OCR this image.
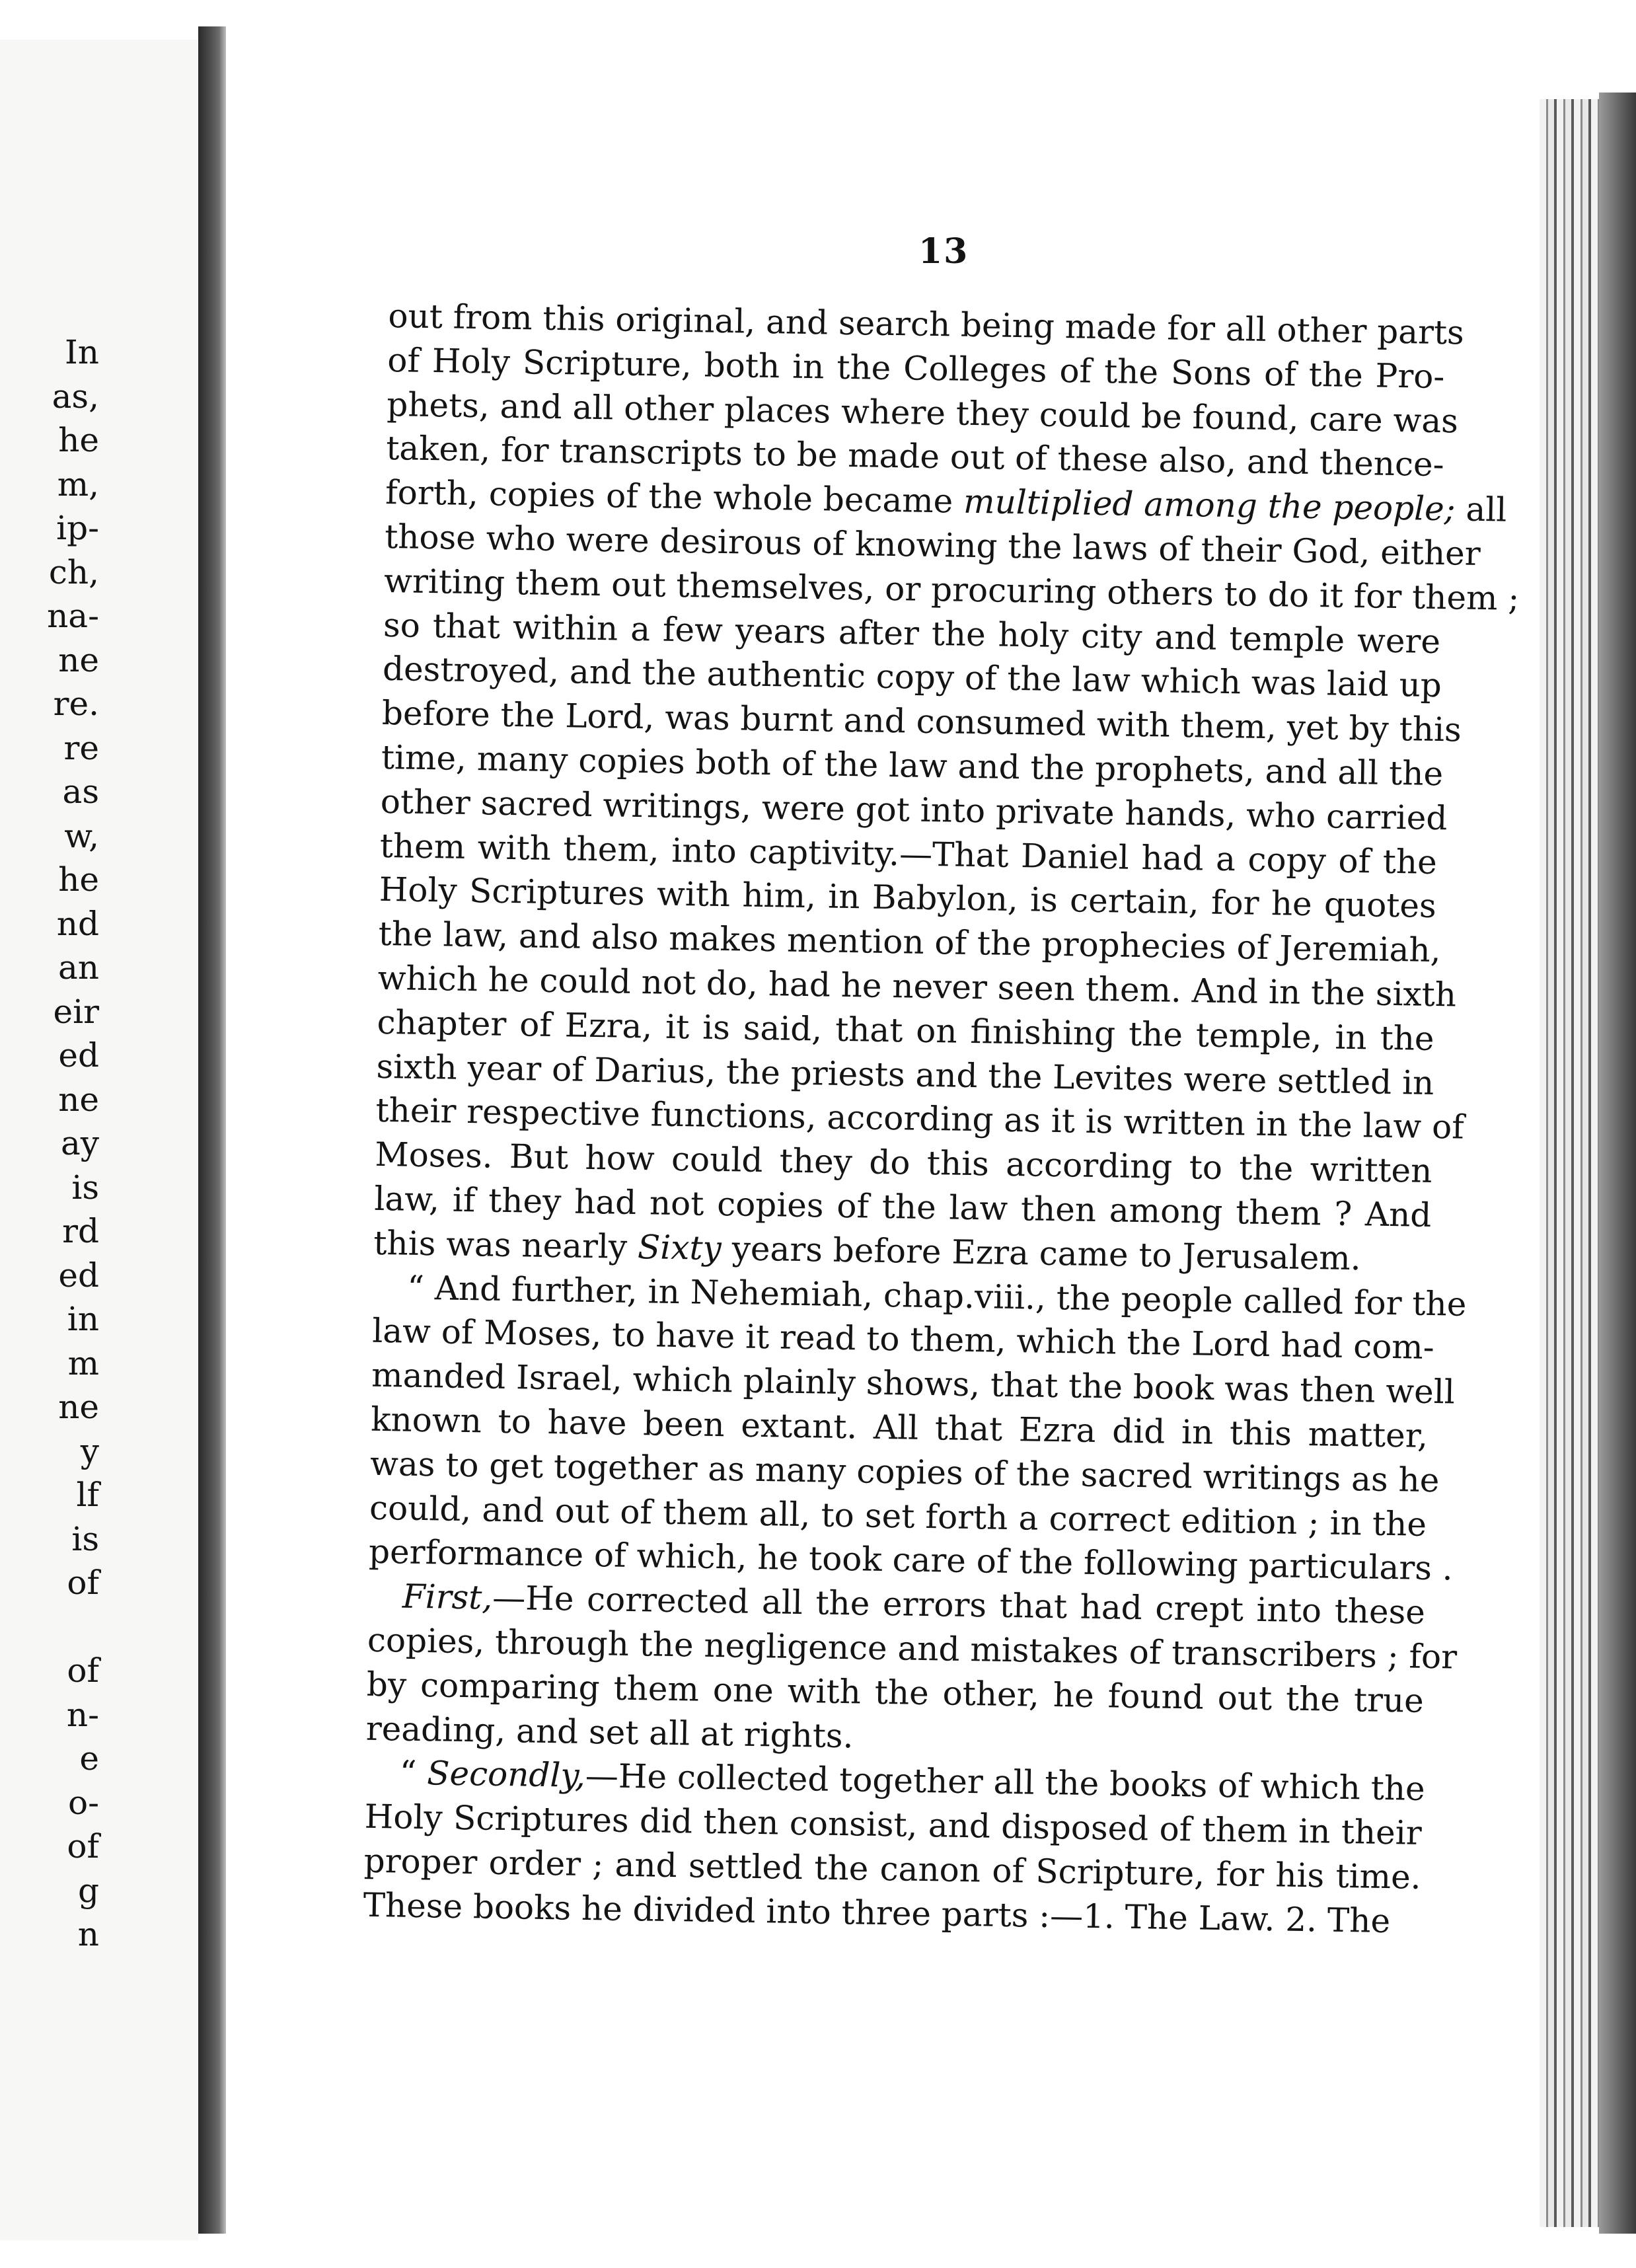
In
as,
he
m,
ip-
ch,
na-
ne
re.
re
as
w,
he
nd
an
eir
ed
ne
ay
is
rd
ed
in
m
ne
y
lf
is
of
of
n-
e
o-
of
g
n
13
out from this original, and search being made for all other parts
of Holy Scripture, both in the Colleges of the Sons of the Pro-
phets, and all other places where they could be found, care was
taken, for transcripts to be made out of these also, and thence-
forth, copies of the whole became multiplied among the people; all
those who were desirous of knowing the laws of their God, either
writing them out themselves, or procuring others to do it for them ;
so that within a few years after the holy city and temple were
destroyed, and the authentic copy of the law which was laid up
before the Lord, was burnt and consumed with them, yet by this
time, many copies both of the law and the prophets, and all the
other sacred writings, were got into private hands, who carried
them with them, into captivity.—That Daniel had a copy of the
Holy Scriptures with him, in Babylon, is certain, for he quotes
the law, and also makes mention of the prophecies of Jeremiah,
which he could not do, had he never seen them. And in the sixth
chapter of Ezra, it is said, that on finishing the temple, in the
sixth year of Darius, the priests and the Levites were settled in
their respective functions, according as it is written in the law of
Moses. But how could they do this according to the written
law, if they had not copies of the law then among them ? And
this was nearly Sixty years before Ezra came to Jerusalem.
“ And further, in Nehemiah, chap.viii., the people called for the
law of Moses, to have it read to them, which the Lord had com-
manded Israel, which plainly shows, that the book was then well
known to have been extant. All that Ezra did in this matter,
was to get together as many copies of the sacred writings as he
could, and out of them all, to set forth a correct edition ; in the
performance of which, he took care of the following particulars .
First,—He corrected all the errors that had crept into these
copies, through the negligence and mistakes of transcribers ; for
by comparing them one with the other, he found out the true
reading, and set all at rights.
“ Secondly,—He collected together all the books of which the
Holy Scriptures did then consist, and disposed of them in their
proper order ; and settled the canon of Scripture, for his time.
These books he divided into three parts :—1. The Law. 2. The
